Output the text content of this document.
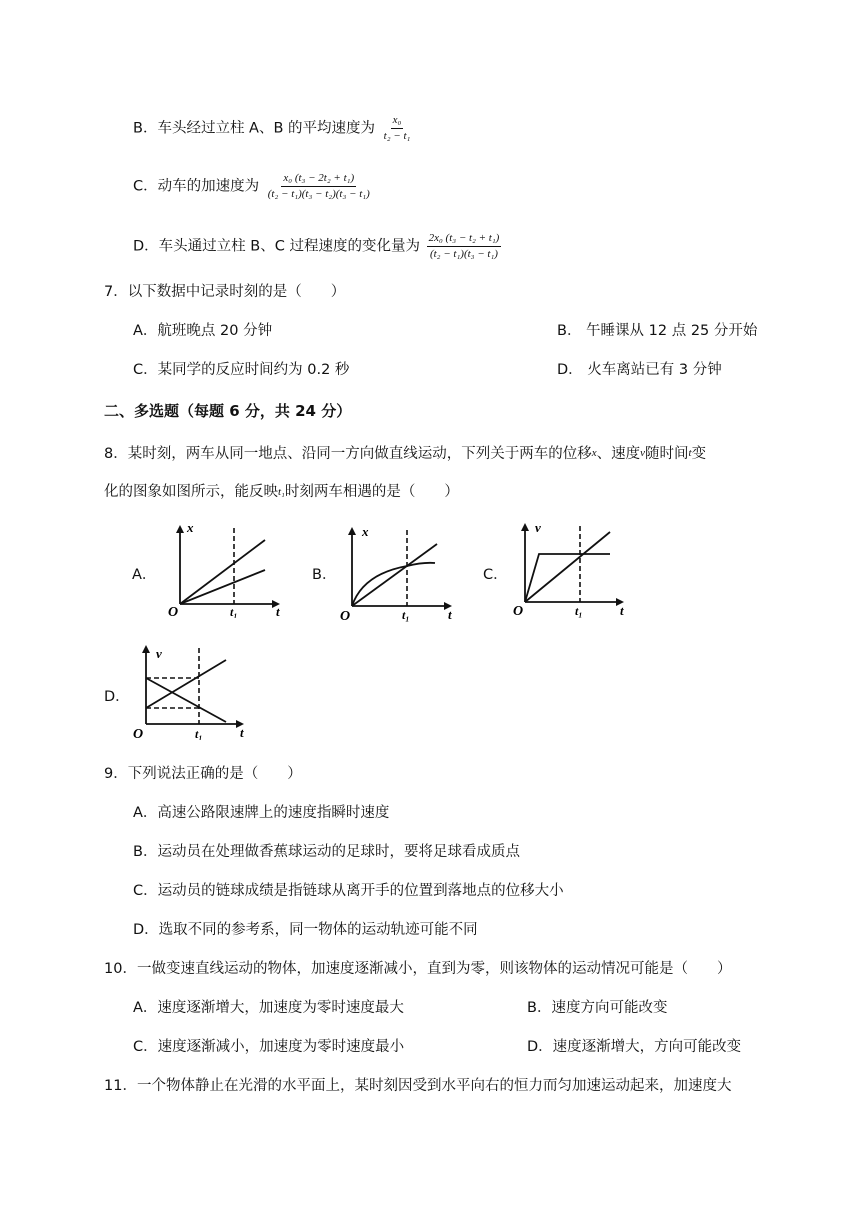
B．车头经过立柱 A、B 的平均速度为 $\frac{\text{x₀}}{\text{t₂ − t₁}}$
C．动车的加速度为 $\frac{\text{x₀ (t₃ − 2t₂ + t₁)}}{\text{(t₂ − t₁)(t₃ − t₂)(t₃ − t₁)}}$
D．车头通过立柱 B、C 过程速度的变化量为 $\frac{\text{2x₀ (t₃ − t₂ + t₁)}}{\text{(t₂ − t₁)(t₃ − t₁)}}$
7．以下数据中记录时刻的是（　　）
A．航班晚点 20 分钟	B． 午睡课从 12 点 25 分开始
C．某同学的反应时间约为 0.2 秒	D． 火车离站已有 3 分钟
二、多选题（每题 6 分，共 24 分）
8．某时刻，两车从同一地点、沿同一方向做直线运动，下列关于两车的位移x、速度v随时间t变
化的图象如图所示，能反映t₁时刻两车相遇的是（　　）
A．
x
t
O	t₁
B．
x
t
O	t₁
C．
v
t
O	t₁
D．
v
t
O	t₁
9．下列说法正确的是（　　）
A．高速公路限速牌上的速度指瞬时速度
B．运动员在处理做香蕉球运动的足球时，要将足球看成质点
C．运动员的链球成绩是指链球从离开手的位置到落地点的位移大小
D．选取不同的参考系，同一物体的运动轨迹可能不同
10．一做变速直线运动的物体，加速度逐渐减小，直到为零，则该物体的运动情况可能是（　　）
A．速度逐渐增大，加速度为零时速度最大	B．速度方向可能改变
C．速度逐渐减小，加速度为零时速度最小	D．速度逐渐增大，方向可能改变
11．一个物体静止在光滑的水平面上，某时刻因受到水平向右的恒力而匀加速运动起来，加速度大
